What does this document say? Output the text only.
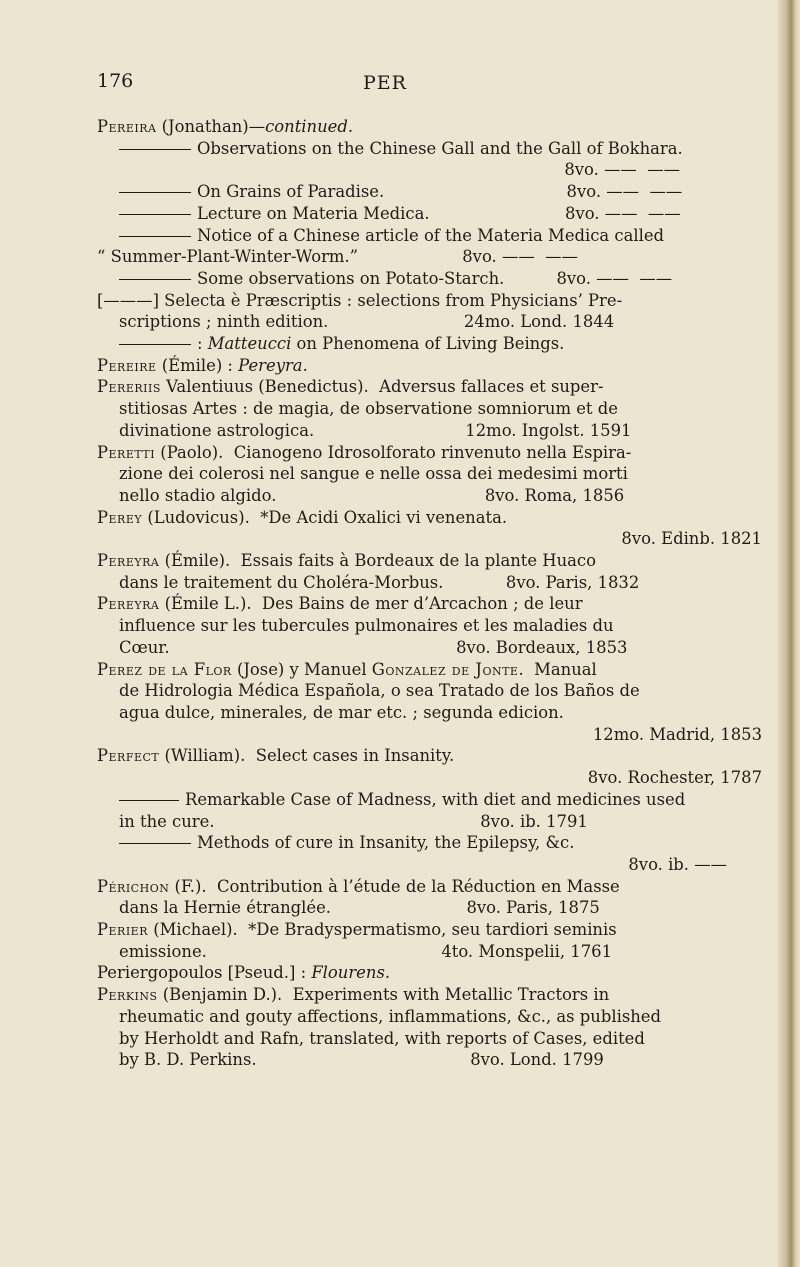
176	PER
Pereira (Jonathan)—continued.
Observations on the Chinese Gall and the Gall of Bokhara.
8vo. ——  ——
On Grains of Paradise.                                   8vo. ——  ——
Lecture on Materia Medica.                          8vo. ——  ——
Notice of a Chinese article of the Materia Medica called
“ Summer-Plant-Winter-Worm.”                    8vo. ——  ——
Some observations on Potato-Starch.          8vo. ——  ——
[———] Selecta è Præscriptis : selections from Physicians’ Pre-
scriptions ; ninth edition.                          24mo. Lond. 1844
: Matteucci on Phenomena of Living Beings.
Pereire (Émile) : Pereyra.
Pereriis Valentiuus (Benedictus).  Adversus fallaces et super-
stitiosas Artes : de magia, de observatione somniorum et de
divinatione astrologica.                             12mo. Ingolst. 1591
Peretti (Paolo).  Cianogeno Idrosolforato rinvenuto nella Espira-
zione dei colerosi nel sangue e nelle ossa dei medesimi morti
nello stadio algido.                                        8vo. Roma, 1856
Perey (Ludovicus).  *De Acidi Oxalici vi venenata.
8vo. Edinb. 1821
Pereyra (Émile).  Essais faits à Bordeaux de la plante Huaco
dans le traitement du Choléra-Morbus.            8vo. Paris, 1832
Pereyra (Émile L.).  Des Bains de mer d’Arcachon ; de leur
influence sur les tubercules pulmonaires et les maladies du
Cœur.                                                       8vo. Bordeaux, 1853
Perez de la Flor (Jose) y Manuel Gonzalez de Jonte.  Manual
de Hidrologia Médica Española, o sea Tratado de los Baños de
agua dulce, minerales, de mar etc. ; segunda edicion.
12mo. Madrid, 1853
Perfect (William).  Select cases in Insanity.
8vo. Rochester, 1787
Remarkable Case of Madness, with diet and medicines used
in the cure.                                                   8vo. ib. 1791
Methods of cure in Insanity, the Epilepsy, &c.
8vo. ib. ——
Périchon (F.).  Contribution à l’étude de la Réduction en Masse
dans la Hernie étranglée.                          8vo. Paris, 1875
Perier (Michael).  *De Bradyspermatismo, seu tardiori seminis
emissione.                                             4to. Monspelii, 1761
Periergopoulos [Pseud.] : Flourens.
Perkins (Benjamin D.).  Experiments with Metallic Tractors in
rheumatic and gouty affections, inflammations, &c., as published
by Herholdt and Rafn, translated, with reports of Cases, edited
by B. D. Perkins.                                         8vo. Lond. 1799
